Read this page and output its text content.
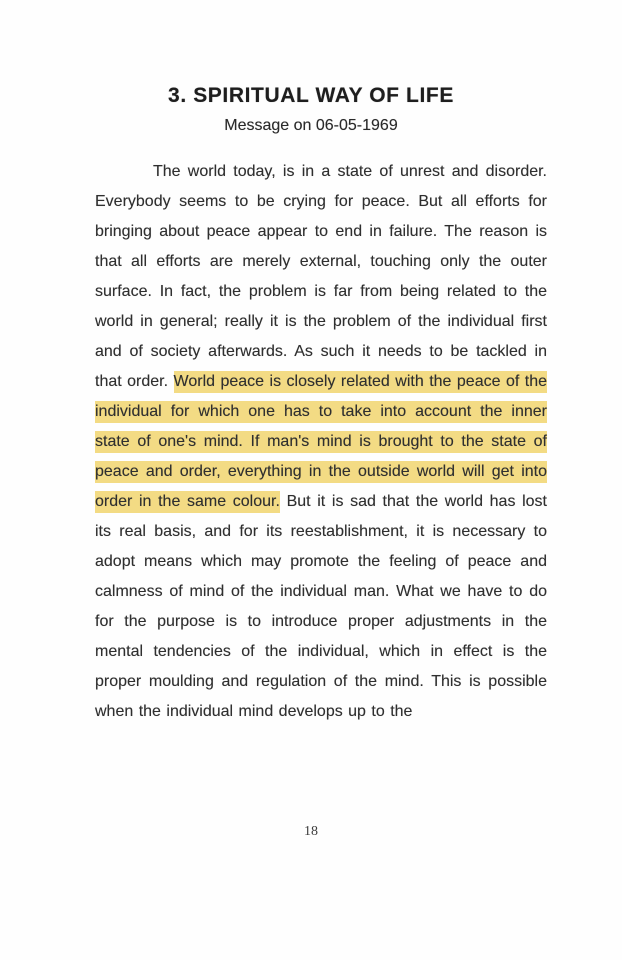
3. SPIRITUAL WAY OF LIFE
Message on 06-05-1969

The world today, is in a state of unrest and disorder. Everybody seems to be crying for peace. But all efforts for bringing about peace appear to end in failure. The reason is that all efforts are merely external, touching only the outer surface. In fact, the problem is far from being related to the world in general; really it is the problem of the individual first and of society afterwards. As such it needs to be tackled in that order. World peace is closely related with the peace of the individual for which one has to take into account the inner state of one's mind. If man's mind is brought to the state of peace and order, everything in the outside world will get into order in the same colour. But it is sad that the world has lost its real basis, and for its reestablishment, it is necessary to adopt means which may promote the feeling of peace and calmness of mind of the individual man. What we have to do for the purpose is to introduce proper adjustments in the mental tendencies of the individual, which in effect is the proper moulding and regulation of the mind. This is possible when the individual mind develops up to the

18
